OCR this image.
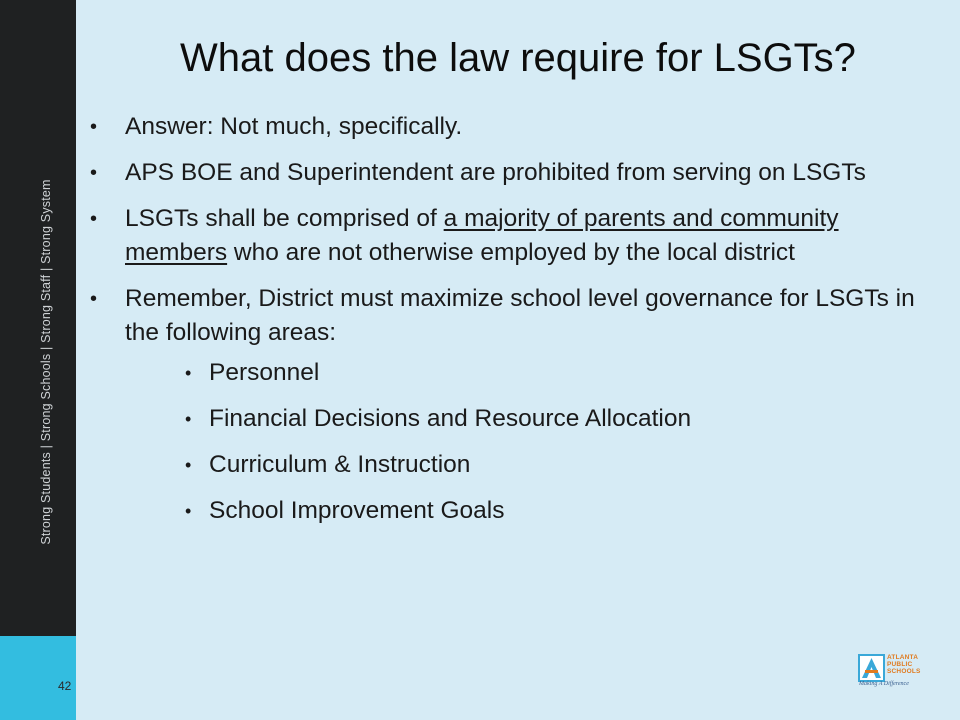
Strong Students | Strong Schools | Strong Staff | Strong System
42
What does the law require for LSGTs?
• Answer: Not much, specifically.
• APS BOE and Superintendent are prohibited from serving on LSGTs
• LSGTs shall be comprised of a majority of parents and community members who are not otherwise employed by the local district
• Remember, District must maximize school level governance for LSGTs in the following areas:
• Personnel
• Financial Decisions and Resource Allocation
• Curriculum & Instruction
• School Improvement Goals
ATLANTA
PUBLIC
SCHOOLS
Making A Difference
